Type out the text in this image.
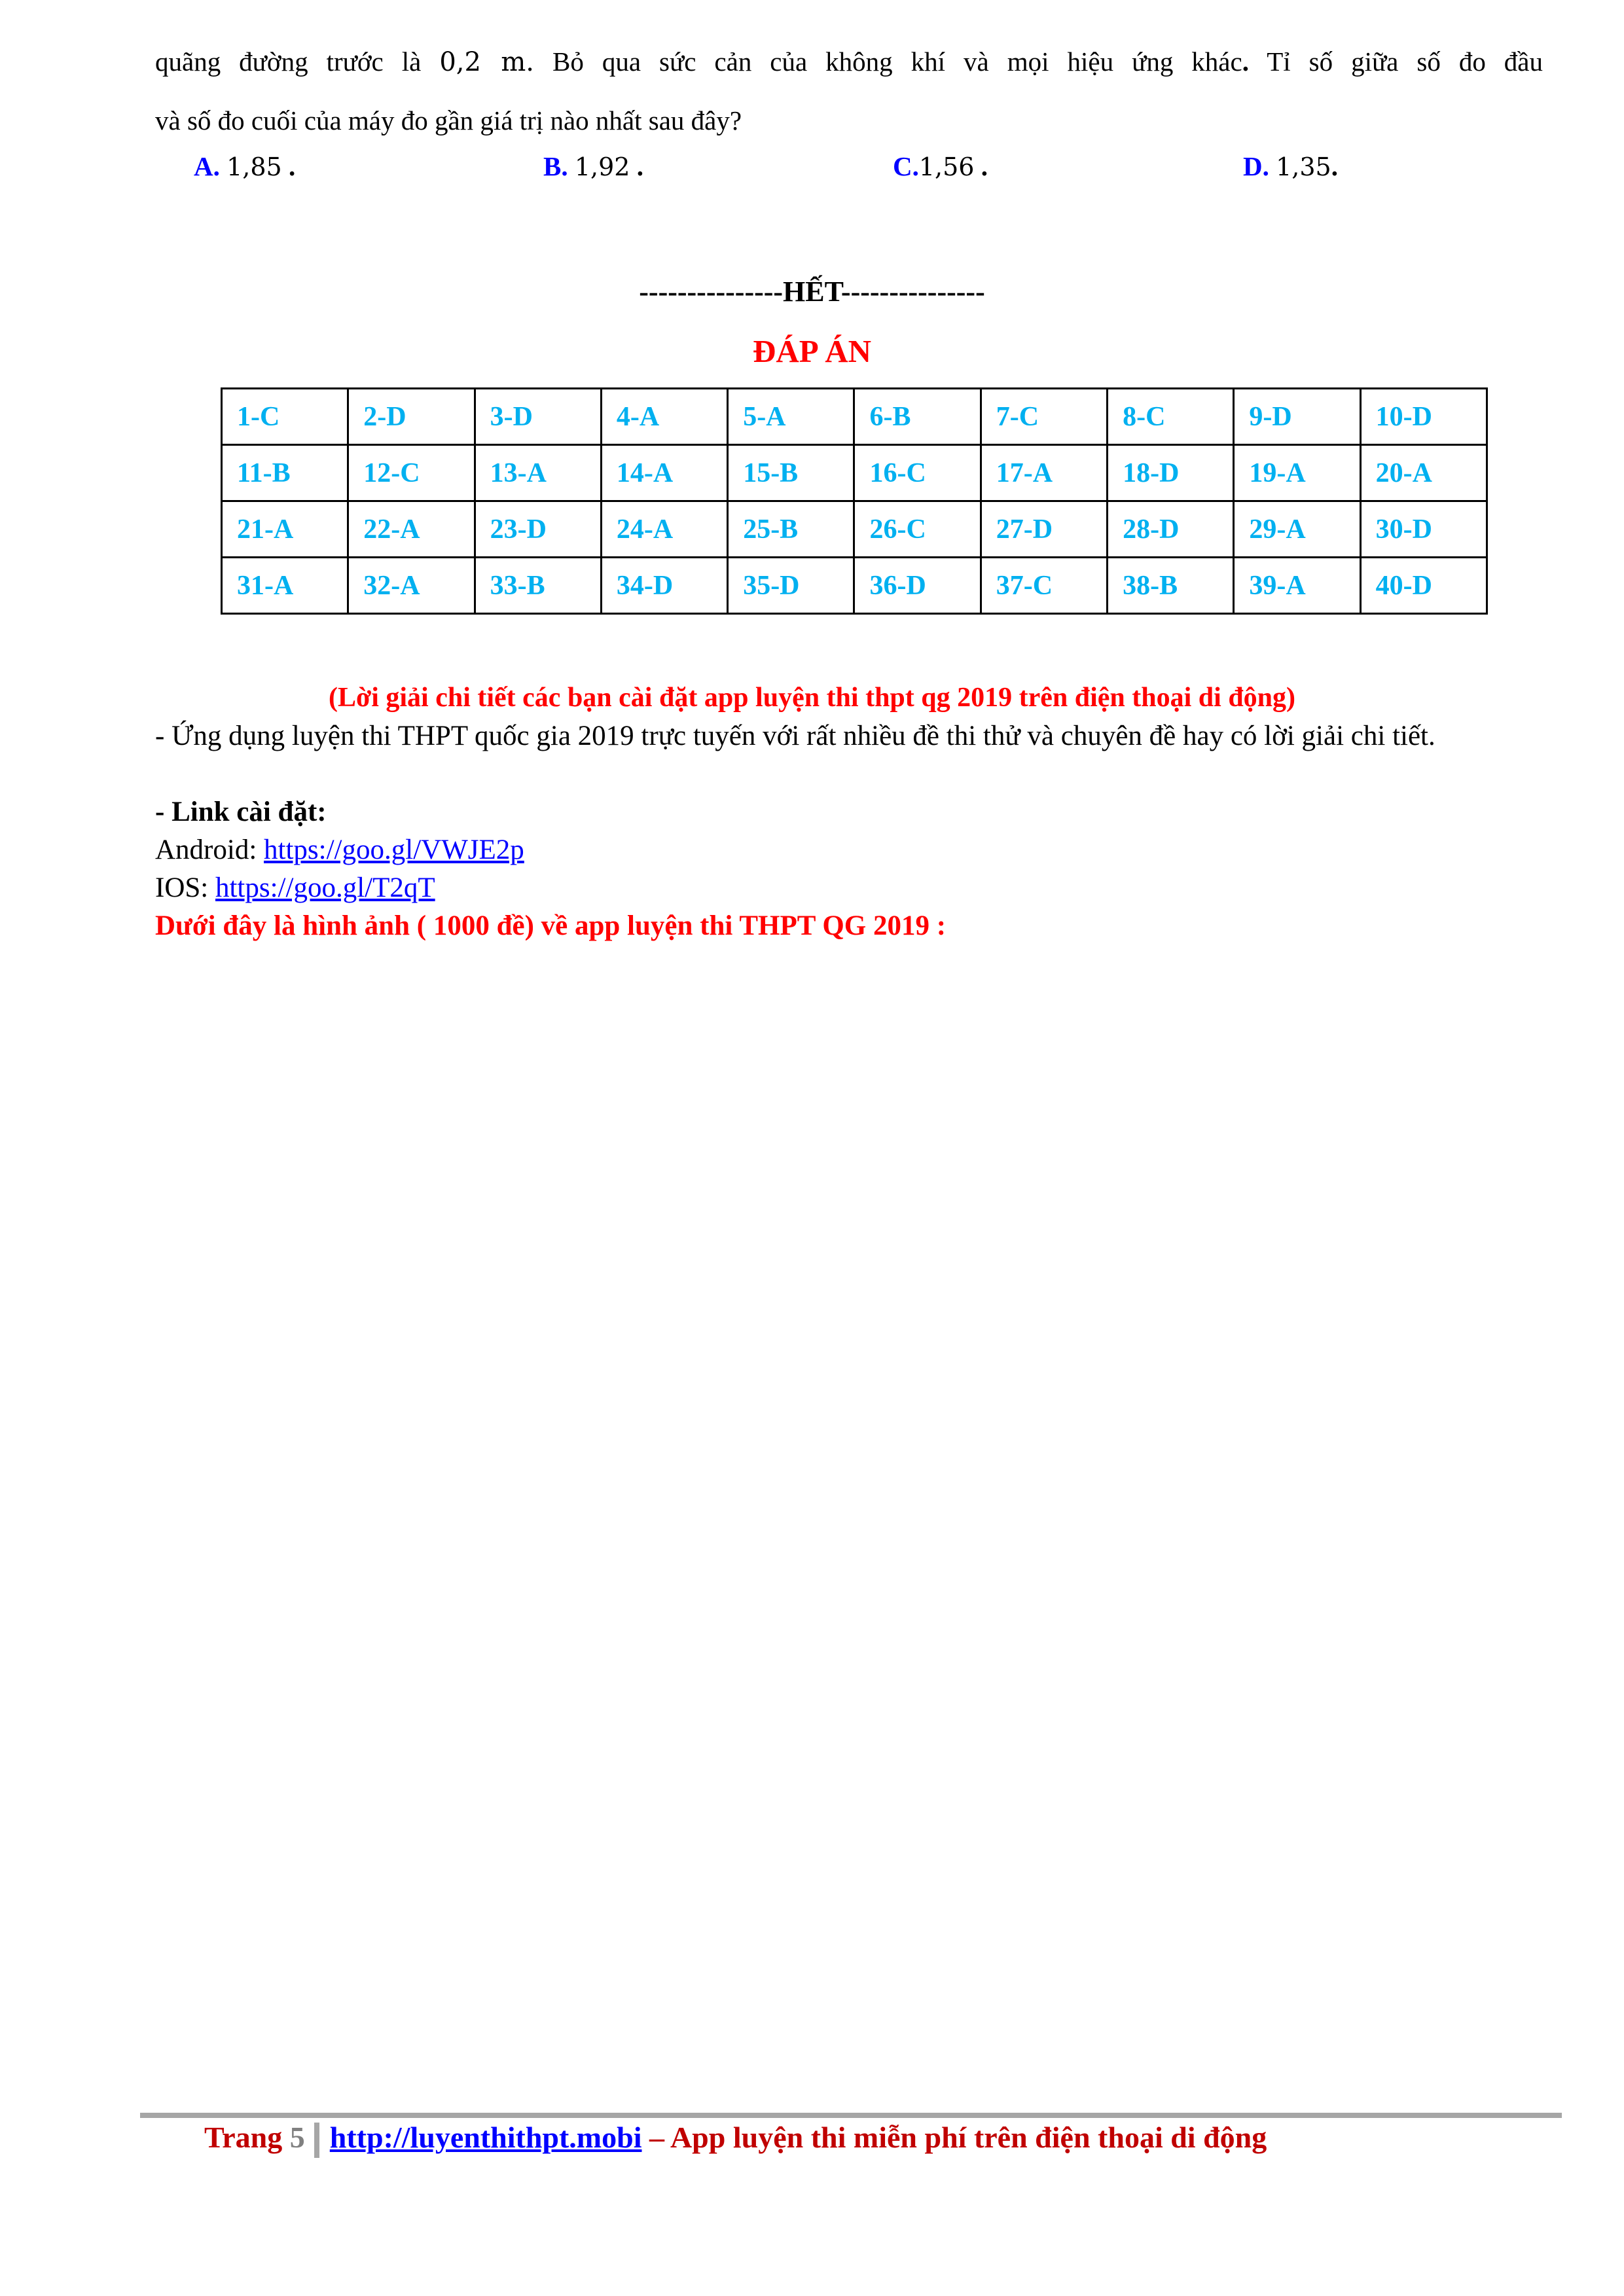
quãng đường trước là 0,2 m. Bỏ qua sức cản của không khí và mọi hiệu ứng khác. Tỉ số giữa số đo đầu
và số đo cuối của máy đo gần giá trị nào nhất sau đây?
A. 1,85 .	B. 1,92 .	C.1,56 .	D. 1,35.
---------------HẾT---------------
ĐÁP ÁN
1-C	2-D	3-D	4-A	5-A	6-B	7-C	8-C	9-D	10-D
11-B	12-C	13-A	14-A	15-B	16-C	17-A	18-D	19-A	20-A
21-A	22-A	23-D	24-A	25-B	26-C	27-D	28-D	29-A	30-D
31-A	32-A	33-B	34-D	35-D	36-D	37-C	38-B	39-A	40-D
(Lời giải chi tiết các bạn cài đặt app luyện thi thpt qg 2019 trên điện thoại di động)
- Ứng dụng luyện thi THPT quốc gia 2019 trực tuyến với rất nhiều đề thi thử và chuyên đề hay có lời giải chi tiết.
- Link cài đặt:
Android: https://goo.gl/VWJE2p
IOS: https://goo.gl/T2qT
Dưới đây là hình ảnh ( 1000 đề) về app luyện thi THPT QG 2019 :
Trang 5 http://luyenthithpt.mobi – App luyện thi miễn phí trên điện thoại di động
